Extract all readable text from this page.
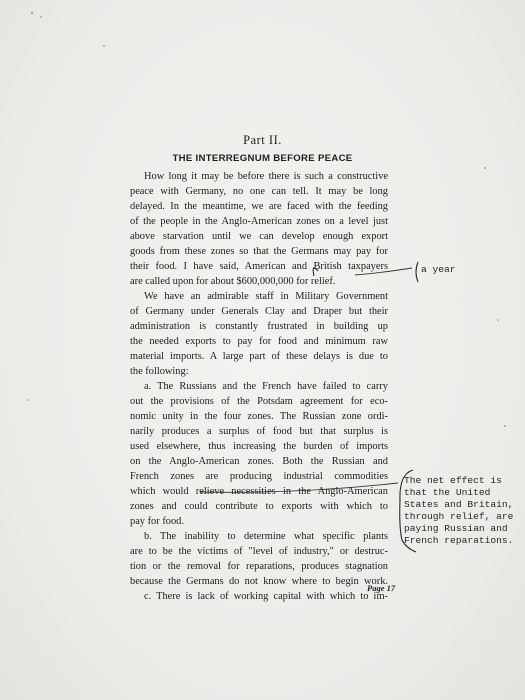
Part II.
THE INTERREGNUM BEFORE PEACE
How long it may be before there is such a constructive
peace with Germany, no one can tell. It may be long
delayed. In the meantime, we are faced with the feeding
of the people in the Anglo-American zones on a level just
above starvation until we can develop enough export
goods from these zones so that the Germans may pay for
their food. I have said, American and British taxpayers
are called upon for about $600,000,000 for relief.
We have an admirable staff in Military Government
of Germany under Generals Clay and Draper but their
administration is constantly frustrated in building up
the needed exports to pay for food and minimum raw
material imports. A large part of these delays is due to
the following:
a. The Russians and the French have failed to carry
out the provisions of the Potsdam agreement for eco-
nomic unity in the four zones. The Russian zone ordi-
narily produces a surplus of food but that surplus is
used elsewhere, thus increasing the burden of imports
on the Anglo-American zones. Both the Russian and
French zones are producing industrial commodities
which would relieve necessities in the Anglo-American
zones and could contribute to exports with which to
pay for food.
b. The inability to determine what specific plants
are to be the victims of "level of industry," or destruc-
tion or the removal for reparations, produces stagnation
because the Germans do not know where to begin work.
c. There is lack of working capital with which to im-
Page 17
a year
The net effect is
that the United
States and Britain,
through relief, are
paying Russian and
French reparations.
